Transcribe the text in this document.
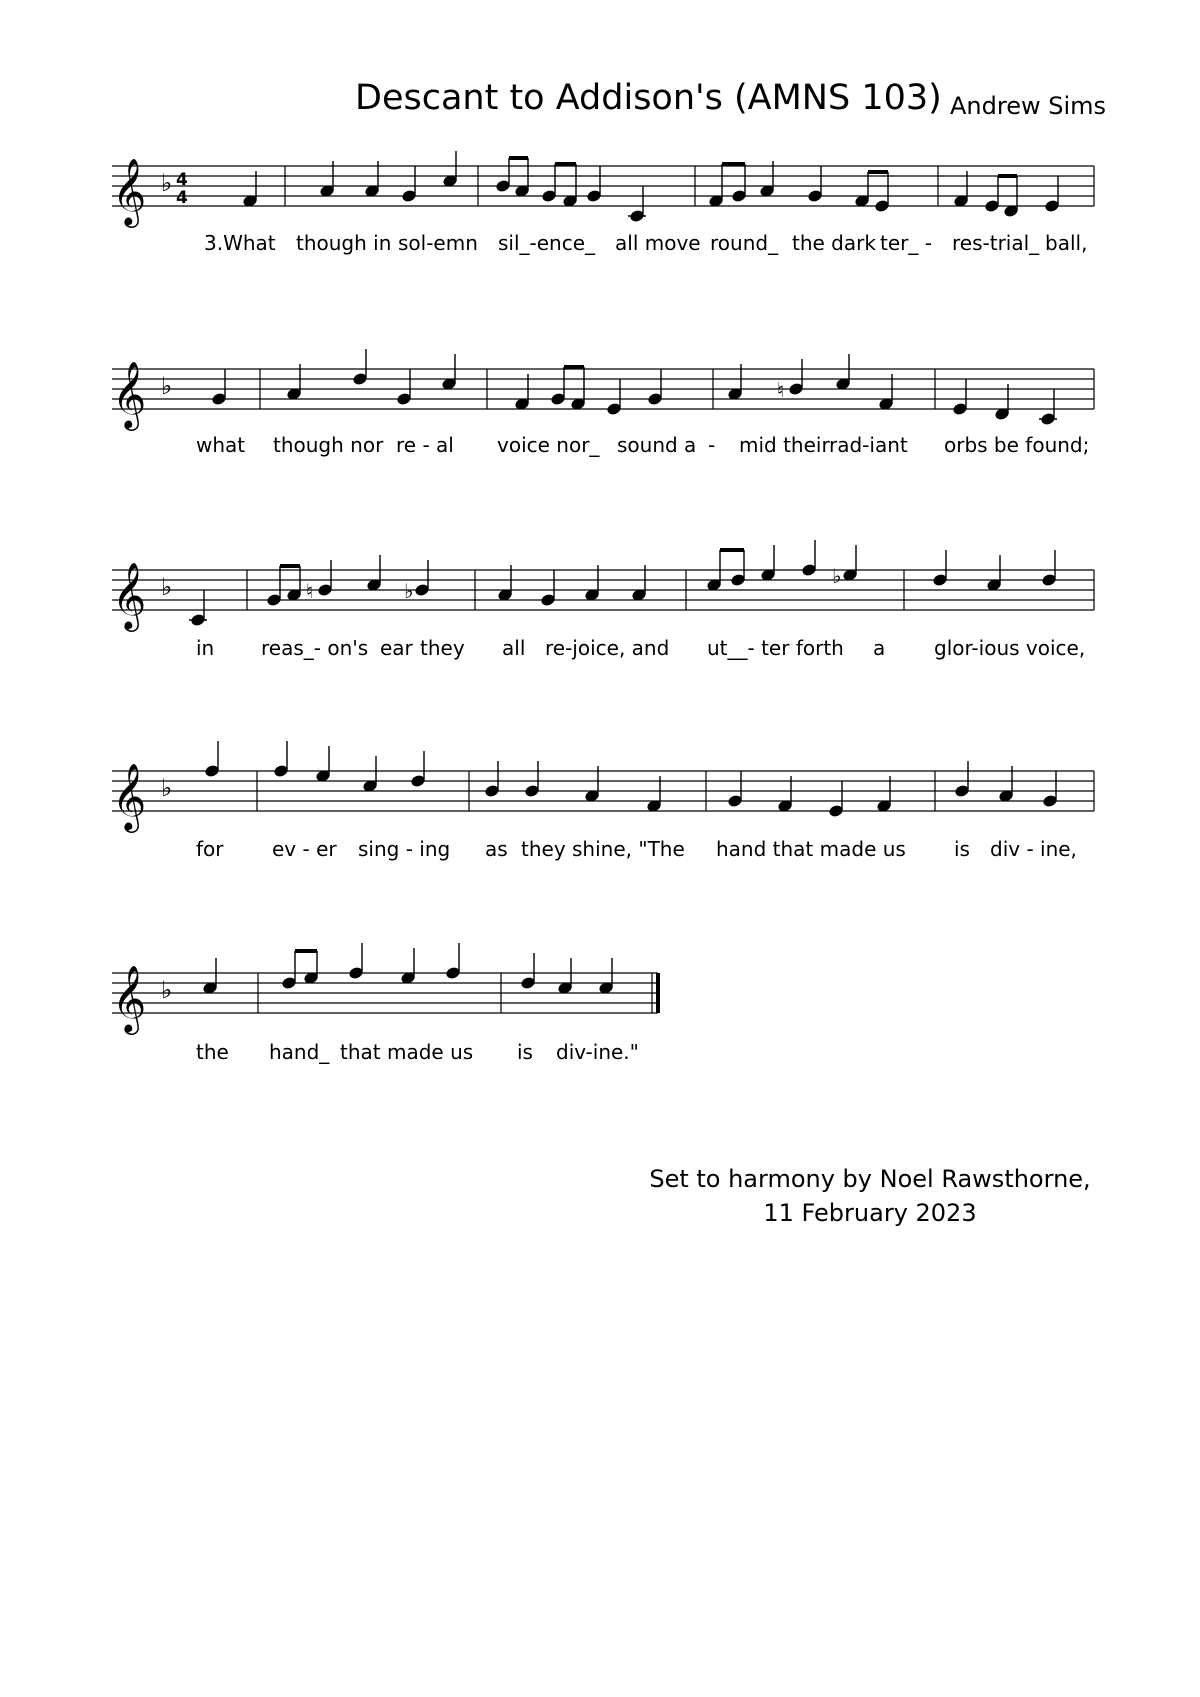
Descant to Addison's (AMNS 103) Andrew Sims
𝄞 ♭ 4
4
3.What though in sol-emn sil_-ence_ all move round_ the dark ter_ - res-trial_ ball,
𝄞 ♭	♮
what though nor re - al voice nor_ sound a - mid their rad-iant orbs be found;
𝄞 ♭	♮	♭
♭
in reas_- on's ear they all re-joice, and ut__- ter forth a glor-ious voice,
𝄞 ♭
for ev - er sing - ing as they shine, "The hand that made us is div - ine,
𝄞 ♭
the hand_ that made us is div-ine."
Set to harmony by Noel Rawsthorne,
11 February 2023
